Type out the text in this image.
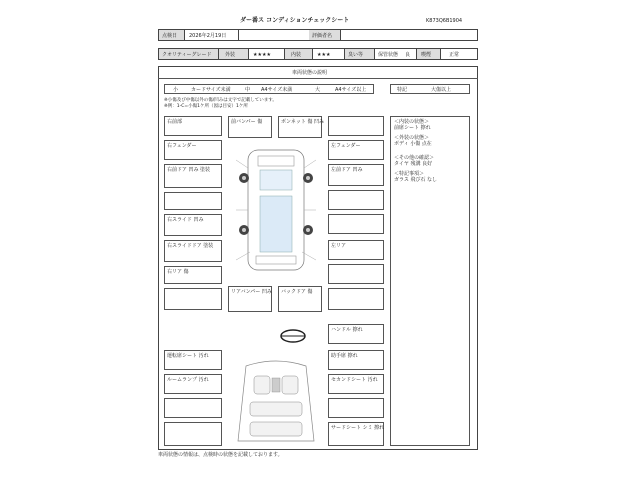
ダー番ス コンディションチェックシート	K873Q6B1904
点検日 2026年2月19日	評価者名
クオリティーグレード	外装	★★★★	内装	★★★	臭い等	保管状態 良 喫煙	正常
車両状態の説明
小	カードサイズ未満	中 A4サイズ未満	大	A4サイズ以上	特記	大傷以上
※小傷及び中傷以外の傷/凹みは文字で記載しています。
※例：1-C=小傷1ケ所（図は目安）1ケ所
右前部
右フェンダー
右前ドア 凹み 塗装
右スライド 凹み
右スライドドア 塗装
右リア 傷
前バンパー 傷	ボンネット 傷 凹み
左フェンダー
左前ドア 凹み
左リア
リアバンパー 凹み バックドア 傷
＜内装の状態＞
前席シート 擦れ
＜外装の状態＞
ボディ 小傷 点在
＜その他の確認＞
タイヤ 残溝 良好
＜特記事項＞
ガラス 飛び石 なし
ハンドル 擦れ
運転席シート 汚れ
ルームランプ 汚れ
助手席 擦れ
セカンドシート 汚れ
サードシート シミ 擦れ
車両状態の情報は、点検時の状態を記載しております。
